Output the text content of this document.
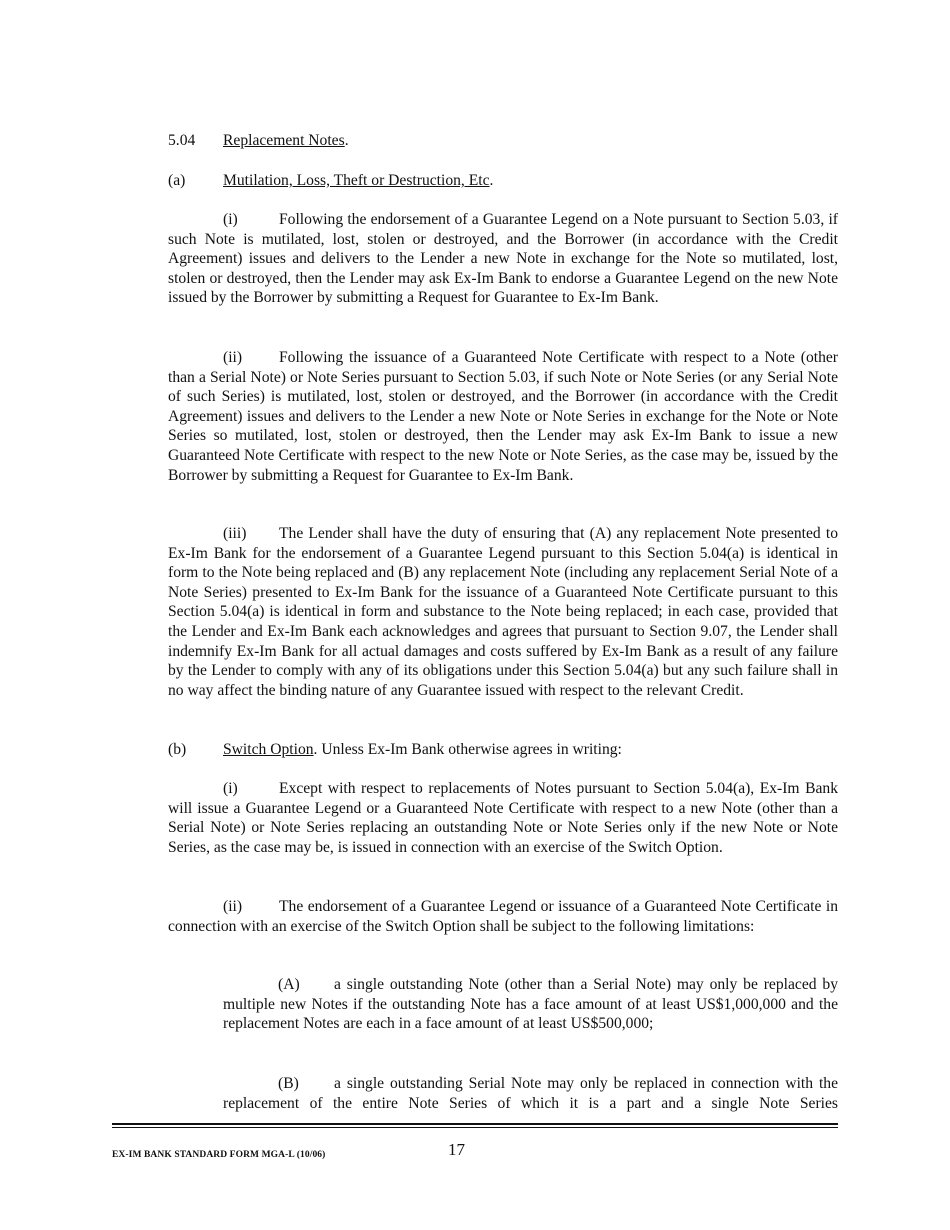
5.04 Replacement Notes.
(a) Mutilation, Loss, Theft or Destruction, Etc.

(i)	Following the endorsement of a Guarantee Legend on a Note pursuant to Section 5.03, if such Note is mutilated, lost, stolen or destroyed, and the Borrower (in accordance with the Credit Agreement) issues and delivers to the Lender a new Note in exchange for the Note so mutilated, lost, stolen or destroyed, then the Lender may ask Ex-Im Bank to endorse a Guarantee Legend on the new Note issued by the Borrower by submitting a Request for Guarantee to Ex-Im Bank.

(ii) Following the issuance of a Guaranteed Note Certificate with respect to a Note (other than a Serial Note) or Note Series pursuant to Section 5.03, if such Note or Note Series (or any Serial Note of such Series) is mutilated, lost, stolen or destroyed, and the Borrower (in accordance with the Credit Agreement) issues and delivers to the Lender a new Note or Note Series in exchange for the Note or Note Series so mutilated, lost, stolen or destroyed, then the Lender may ask Ex-Im Bank to issue a new Guaranteed Note Certificate with respect to the new Note or Note Series, as the case may be, issued by the Borrower by submitting a Request for Guarantee to Ex-Im Bank.

(iii) The Lender shall have the duty of ensuring that (A) any replacement Note presented to Ex-Im Bank for the endorsement of a Guarantee Legend pursuant to this Section 5.04(a) is identical in form to the Note being replaced and (B) any replacement Note (including any replacement Serial Note of a Note Series) presented to Ex-Im Bank for the issuance of a Guaranteed Note Certificate pursuant to this Section 5.04(a) is identical in form and substance to the Note being replaced; in each case, provided that the Lender and Ex-Im Bank each acknowledges and agrees that pursuant to Section 9.07, the Lender shall indemnify Ex-Im Bank for all actual damages and costs suffered by Ex-Im Bank as a result of any failure by the Lender to comply with any of its obligations under this Section 5.04(a) but any such failure shall in no way affect the binding nature of any Guarantee issued with respect to the relevant Credit.

(b) Switch Option. Unless Ex-Im Bank otherwise agrees in writing:

(i)	Except with respect to replacements of Notes pursuant to Section 5.04(a), Ex-Im Bank will issue a Guarantee Legend or a Guaranteed Note Certificate with respect to a new Note (other than a Serial Note) or Note Series replacing an outstanding Note or Note Series only if the new Note or Note Series, as the case may be, is issued in connection with an exercise of the Switch Option.

(ii) The endorsement of a Guarantee Legend or issuance of a Guaranteed Note Certificate in connection with an exercise of the Switch Option shall be subject to the following limitations:

(A) a single outstanding Note (other than a Serial Note) may only be replaced by multiple new Notes if the outstanding Note has a face amount of at least US$1,000,000 and the replacement Notes are each in a face amount of at least US$500,000;

(B) a single outstanding Serial Note may only be replaced in connection with the replacement of the entire Note Series of which it is a part and a single Note Series

EX-IM BANK STANDARD FORM MGA-L (10/06)	17
